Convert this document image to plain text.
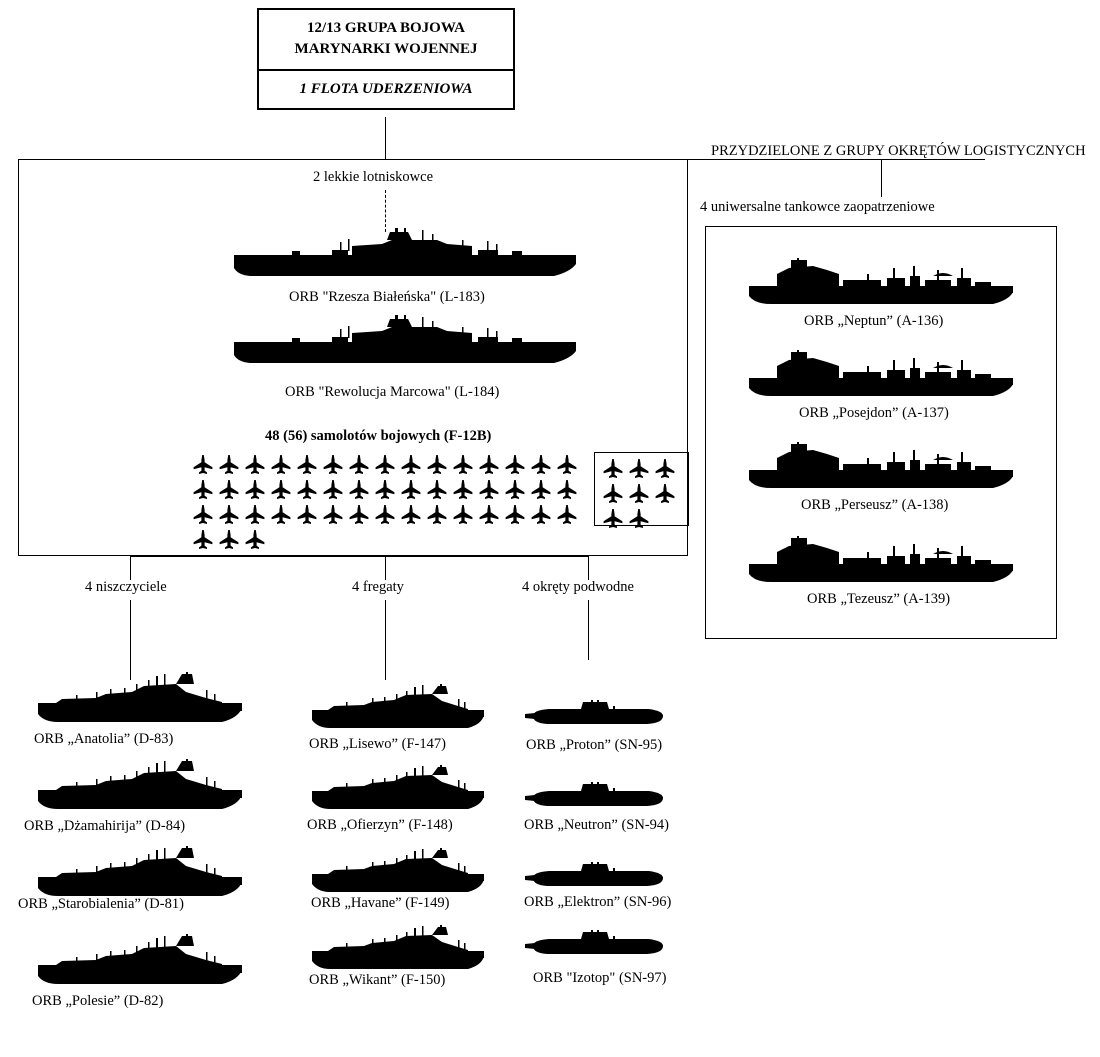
12/13 GRUPA BOJOWA
MARYNARKI WOJENNEJ
1 FLOTA UDERZENIOWA
2 lekkie lotniskowce
ORB "Rzesza Białeńska" (L-183)
ORB "Rewolucja Marcowa" (L-184)
48 (56) samolotów bojowych (F-12B)
4 niszczyciele	4 fregaty	4 okręty podwodne
PRZYDZIELONE Z GRUPY OKRĘTÓW LOGISTYCZNYCH
4 uniwersalne tankowce zaopatrzeniowe
ORB „Neptun” (A-136)
ORB „Posejdon” (A-137)
ORB „Perseusz” (A-138)
ORB „Tezeusz” (A-139)
ORB „Anatolia” (D-83)
ORB „Dżamahirija” (D-84)
ORB „Starobialenia” (D-81)
ORB „Polesie” (D-82)
ORB „Lisewo” (F-147)
ORB „Ofierzyn” (F-148)
ORB „Havane” (F-149)
ORB „Wikant” (F-150)
ORB „Proton” (SN-95)
ORB „Neutron” (SN-94)
ORB „Elektron” (SN-96)
ORB "Izotop" (SN-97)
